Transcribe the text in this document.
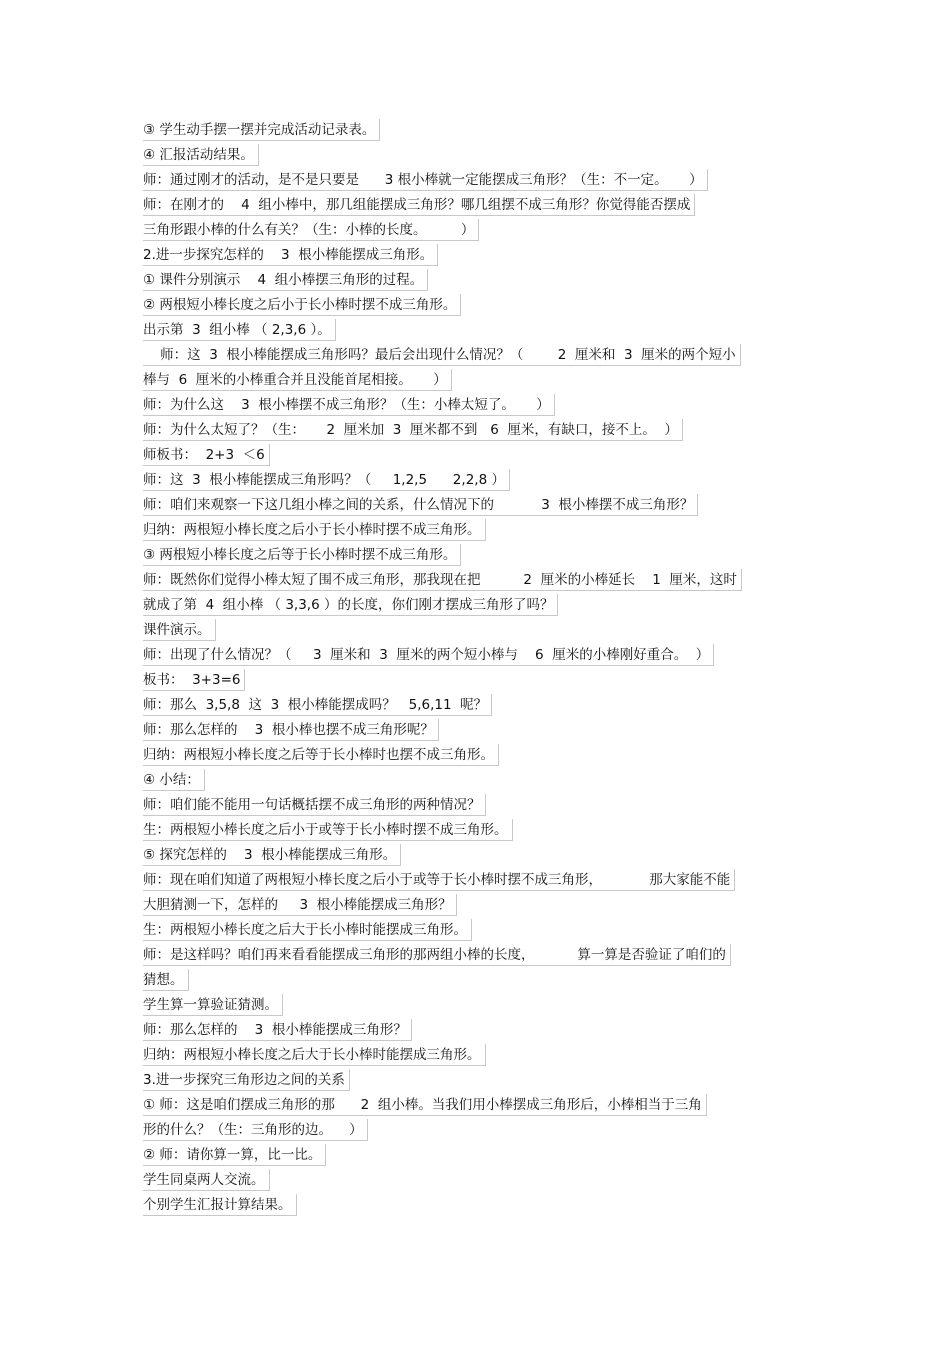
③ 学生动手摆一摆并完成活动记录表。
④ 汇报活动结果。
师：通过刚才的活动，是不是只要是      3 根小棒就一定能摆成三角形？（生：不一定。     ）
师：在刚才的    4  组小棒中，那几组能摆成三角形？哪几组摆不成三角形？你觉得能否摆成
三角形跟小棒的什么有关？（生：小棒的长度。        ）
2.进一步探究怎样的    3  根小棒能摆成三角形。
① 课件分别演示    4  组小棒摆三角形的过程。
② 两根短小棒长度之后小于长小棒时摆不成三角形。
出示第  3  组小棒 （ 2,3,6 ）。
师：这  3  根小棒能摆成三角形吗？最后会出现什么情况？（        2  厘米和  3  厘米的两个短小
棒与  6  厘米的小棒重合并且没能首尾相接。     ）
师：为什么这    3  根小棒摆不成三角形？（生：小棒太短了。     ）
师：为什么太短了？（生：     2  厘米加  3  厘米都不到   6  厘米，有缺口，接不上。  ）
师板书：  2+3  ＜6
师：这  3  根小棒能摆成三角形吗？（     1,2,5      2,2,8 ）
师：咱们来观察一下这几组小棒之间的关系，什么情况下的           3  根小棒摆不成三角形？
归纳：两根短小棒长度之后小于长小棒时摆不成三角形。
③ 两根短小棒长度之后等于长小棒时摆不成三角形。
师：既然你们觉得小棒太短了围不成三角形，那我现在把          2  厘米的小棒延长    1  厘米，这时
就成了第  4  组小棒 （ 3,3,6 ）的长度，你们刚才摆成三角形了吗？
课件演示。
师：出现了什么情况？（     3  厘米和  3  厘米的两个短小棒与    6  厘米的小棒刚好重合。  ）
板书：  3+3=6
师：那么  3,5,8  这  3  根小棒能摆成吗？   5,6,11  呢？
师：那么怎样的    3  根小棒也摆不成三角形呢？
归纳：两根短小棒长度之后等于长小棒时也摆不成三角形。
④ 小结：
师：咱们能不能用一句话概括摆不成三角形的两种情况？
生：两根短小棒长度之后小于或等于长小棒时摆不成三角形。
⑤ 探究怎样的    3  根小棒能摆成三角形。
师：现在咱们知道了两根短小棒长度之后小于或等于长小棒时摆不成三角形，           那大家能不能
大胆猜测一下，怎样的     3  根小棒能摆成三角形？
生：两根短小棒长度之后大于长小棒时能摆成三角形。
师：是这样吗？咱们再来看看能摆成三角形的那两组小棒的长度，          算一算是否验证了咱们的
猜想。
学生算一算验证猜测。
师：那么怎样的    3  根小棒能摆成三角形？
归纳：两根短小棒长度之后大于长小棒时能摆成三角形。
3.进一步探究三角形边之间的关系
① 师：这是咱们摆成三角形的那      2  组小棒。当我们用小棒摆成三角形后，小棒相当于三角
形的什么？（生：三角形的边。    ）
② 师：请你算一算，比一比。
学生同桌两人交流。
个别学生汇报计算结果。
